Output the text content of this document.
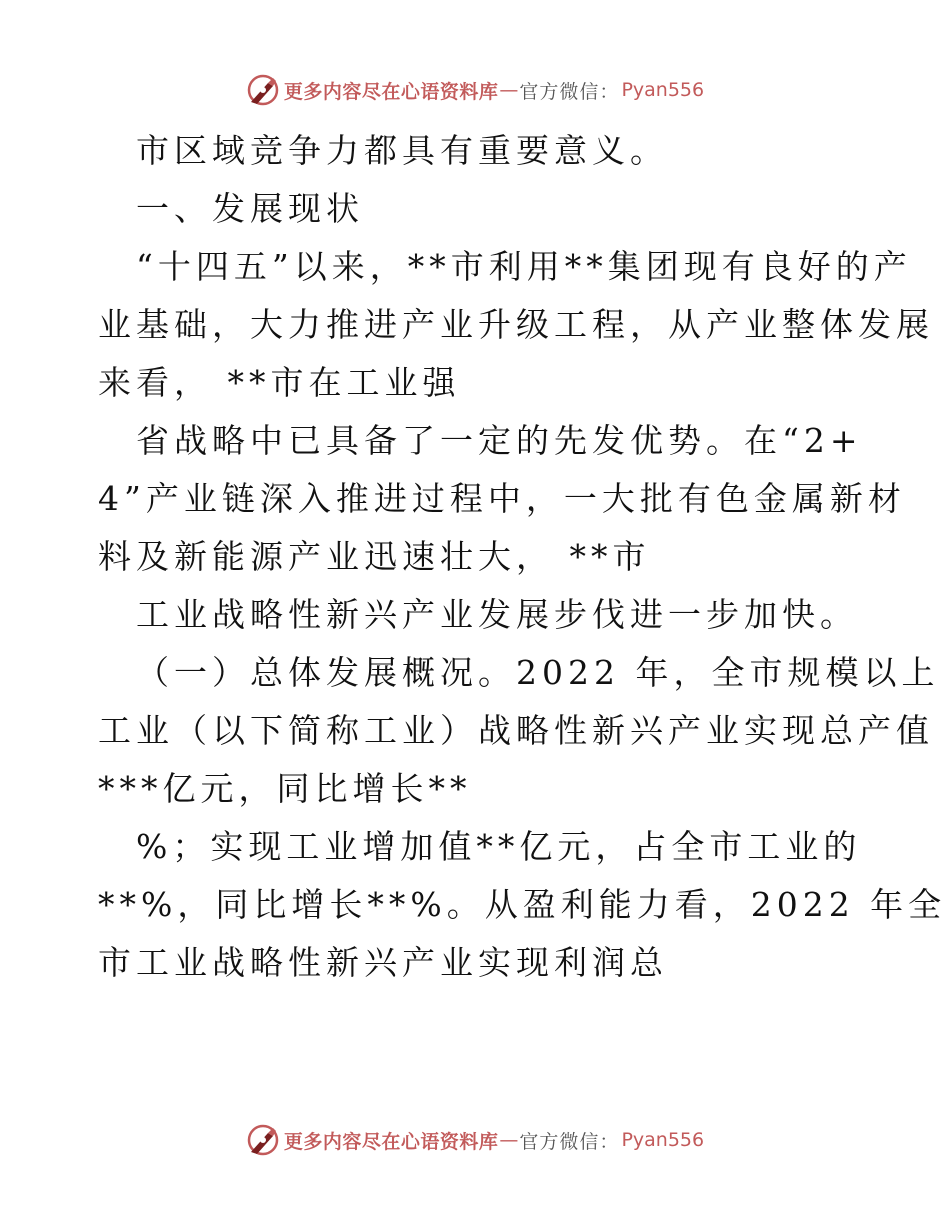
更多内容尽在心语资料库 — 官方微信： Pyan556
市区域竞争力都具有重要意义。
一、发展现状
“十四五”以来，**市利用**集团现有良好的产
业基础，大力推进产业升级工程，从产业整体发展
来看， **市在工业强
省战略中已具备了一定的先发优势。在“2+
4”产业链深入推进过程中，一大批有色金属新材
料及新能源产业迅速壮大， **市
工业战略性新兴产业发展步伐进一步加快。
（一）总体发展概况。2022 年，全市规模以上
工业（以下简称工业）战略性新兴产业实现总产值
***亿元，同比增长**
%；实现工业增加值**亿元，占全市工业的
**%，同比增长**%。从盈利能力看，2022 年全
市工业战略性新兴产业实现利润总
更多内容尽在心语资料库 — 官方微信： Pyan556
